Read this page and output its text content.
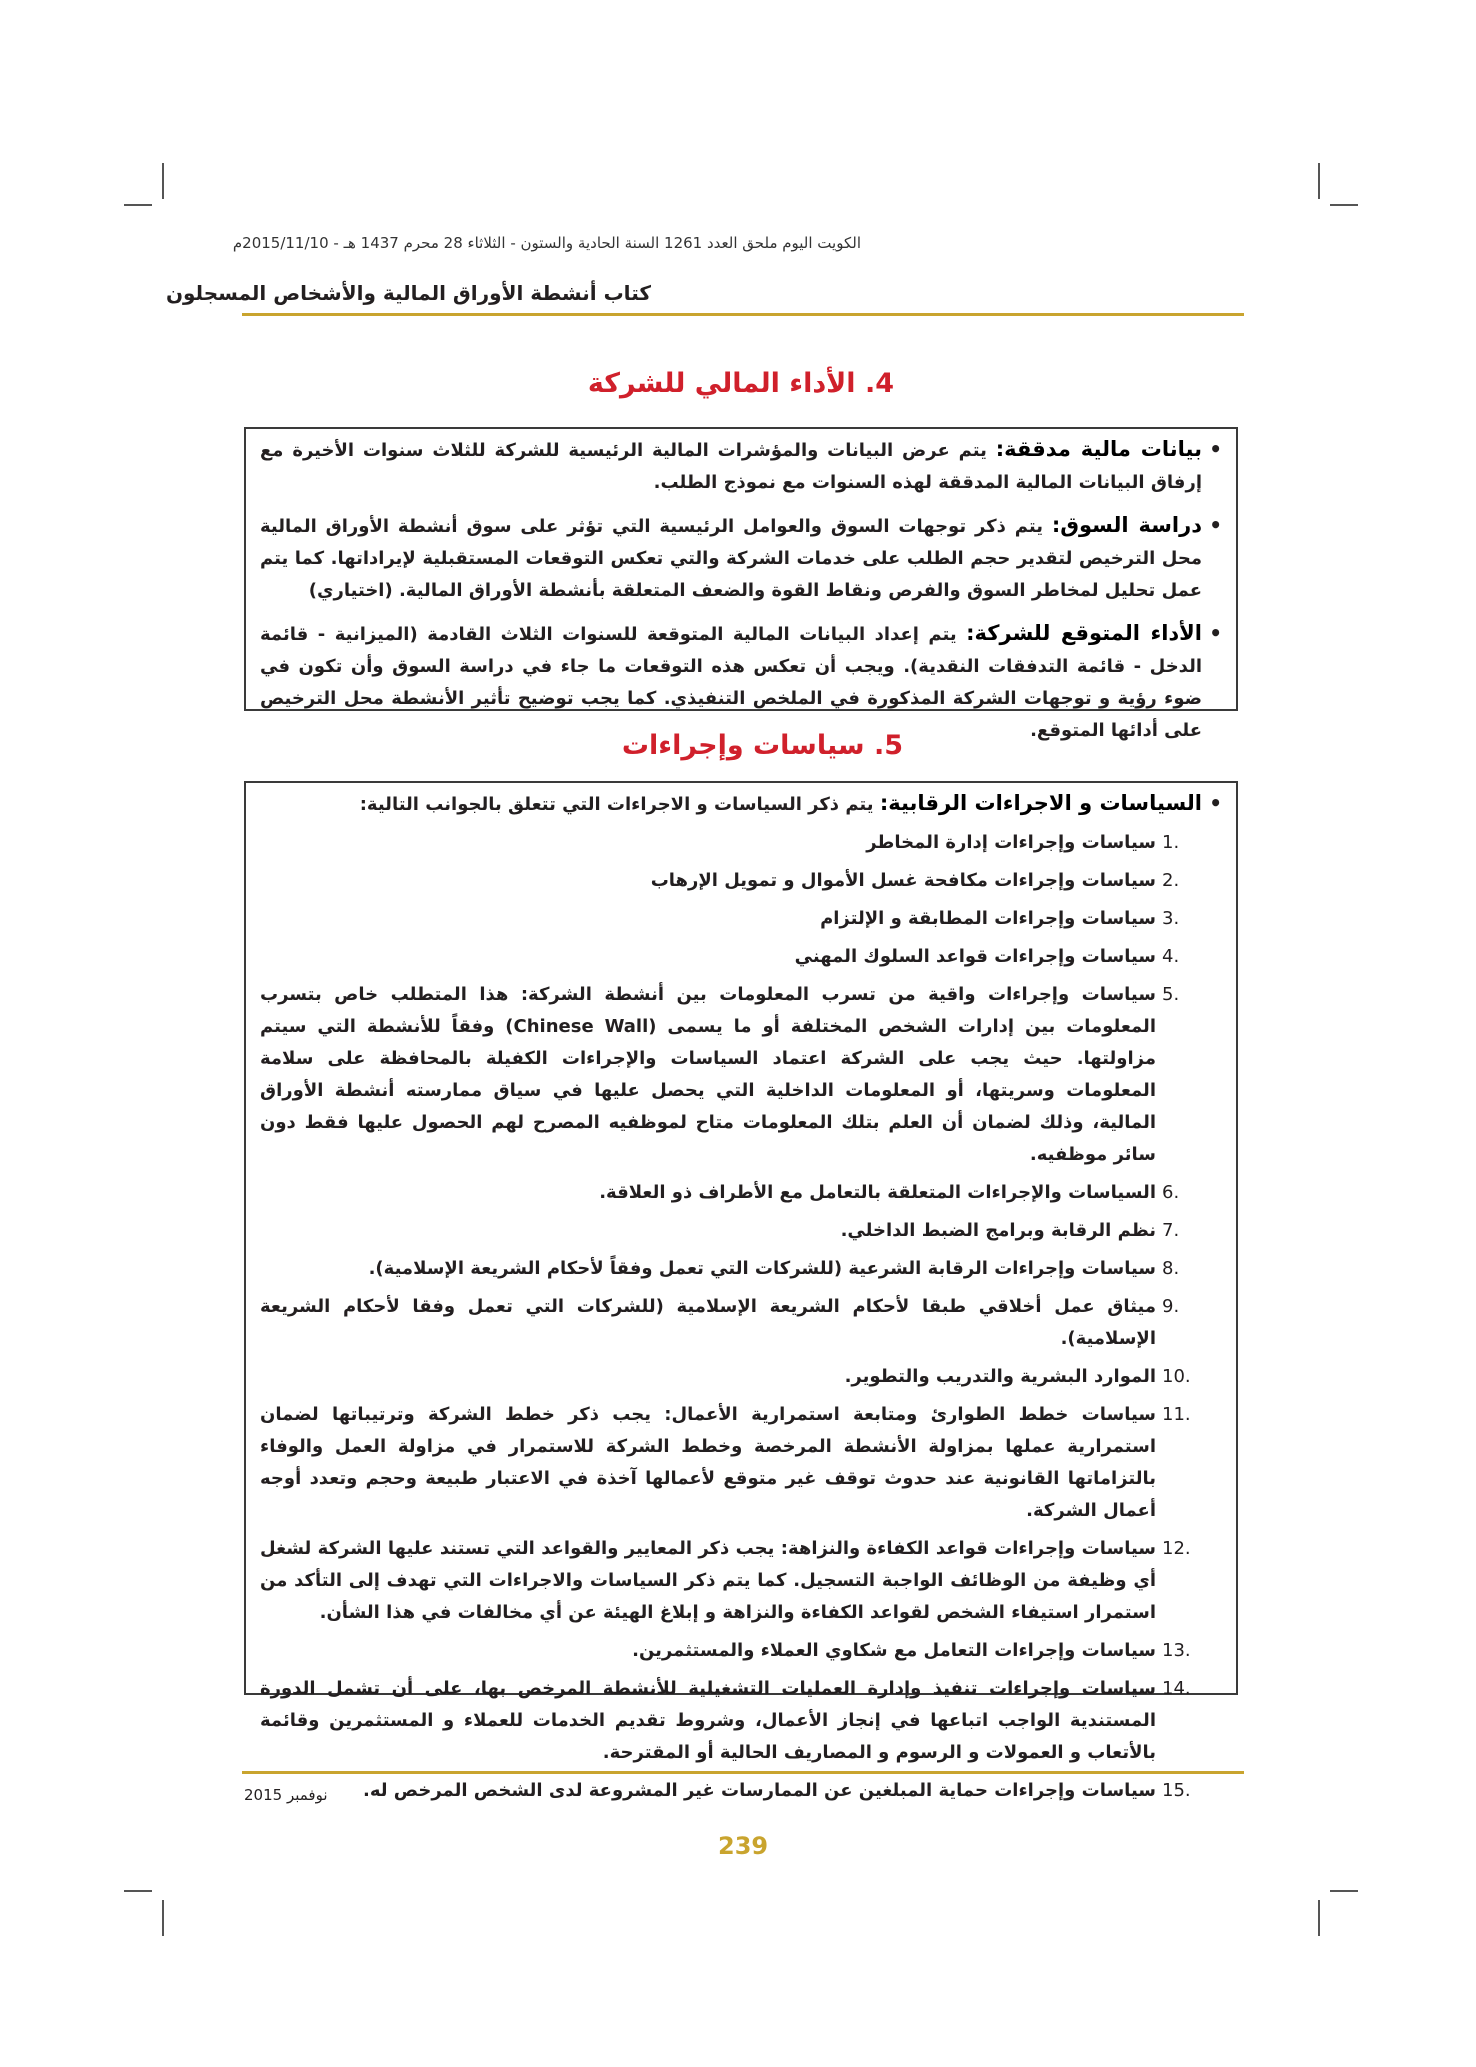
الكويت اليوم ملحق العدد 1261 السنة الحادية والستون - الثلاثاء 28 محرم 1437 هـ - 2015/11/10م
كتاب أنشطة الأوراق المالية والأشخاص المسجلون
4. الأداء المالي للشركة
• بيانات مالية مدققة: يتم عرض البيانات والمؤشرات المالية الرئيسية للشركة للثلاث سنوات الأخيرة مع إرفاق البيانات المالية المدققة لهذه السنوات مع نموذج الطلب.
• دراسة السوق: يتم ذكر توجهات السوق والعوامل الرئيسية التي تؤثر على سوق أنشطة الأوراق المالية محل الترخيص لتقدير حجم الطلب على خدمات الشركة والتي تعكس التوقعات المستقبلية لإيراداتها. كما يتم عمل تحليل لمخاطر السوق والفرص ونقاط القوة والضعف المتعلقة بأنشطة الأوراق المالية. (اختياري)
• الأداء المتوقع للشركة: يتم إعداد البيانات المالية المتوقعة للسنوات الثلاث القادمة (الميزانية - قائمة الدخل - قائمة التدفقات النقدية). ويجب أن تعكس هذه التوقعات ما جاء في دراسة السوق وأن تكون في ضوء رؤية و توجهات الشركة المذكورة في الملخص التنفيذي. كما يجب توضيح تأثير الأنشطة محل الترخيص على أدائها المتوقع.
5. سياسات وإجراءات
• السياسات و الاجراءات الرقابية: يتم ذكر السياسات و الاجراءات التي تتعلق بالجوانب التالية:
1.
سياسات وإجراءات إدارة المخاطر
2.
سياسات وإجراءات مكافحة غسل الأموال و تمويل الإرهاب
3.
سياسات وإجراءات المطابقة و الإلتزام
4.
سياسات وإجراءات قواعد السلوك المهني
5.
سياسات وإجراءات واقية من تسرب المعلومات بين أنشطة الشركة: هذا المتطلب خاص بتسرب المعلومات بين إدارات الشخص المختلفة أو ما يسمى (Chinese Wall) وفقاً للأنشطة التي سيتم مزاولتها. حيث يجب على الشركة اعتماد السياسات والإجراءات الكفيلة بالمحافظة على سلامة المعلومات وسريتها، أو المعلومات الداخلية التي يحصل عليها في سياق ممارسته أنشطة الأوراق المالية، وذلك لضمان أن العلم بتلك المعلومات متاح لموظفيه المصرح لهم الحصول عليها فقط دون سائر موظفيه.
6.
السياسات والإجراءات المتعلقة بالتعامل مع الأطراف ذو العلاقة.
7.
نظم الرقابة وبرامج الضبط الداخلي.
8.
سياسات وإجراءات الرقابة الشرعية (للشركات التي تعمل وفقاً لأحكام الشريعة الإسلامية).
9.
ميثاق عمل أخلاقي طبقا لأحكام الشريعة الإسلامية (للشركات التي تعمل وفقا لأحكام الشريعة الإسلامية).
10.
الموارد البشرية والتدريب والتطوير.
11.
سياسات خطط الطوارئ ومتابعة استمرارية الأعمال: يجب ذكر خطط الشركة وترتيباتها لضمان استمرارية عملها بمزاولة الأنشطة المرخصة وخطط الشركة للاستمرار في مزاولة العمل والوفاء بالتزاماتها القانونية عند حدوث توقف غير متوقع لأعمالها آخذة في الاعتبار طبيعة وحجم وتعدد أوجه أعمال الشركة.
12.
سياسات وإجراءات قواعد الكفاءة والنزاهة: يجب ذكر المعايير والقواعد التي تستند عليها الشركة لشغل أي وظيفة من الوظائف الواجبة التسجيل. كما يتم ذكر السياسات والاجراءات التي تهدف إلى التأكد من استمرار استيفاء الشخص لقواعد الكفاءة والنزاهة و إبلاغ الهيئة عن أي مخالفات في هذا الشأن.
13.
سياسات وإجراءات التعامل مع شكاوي العملاء والمستثمرين.
14.
سياسات وإجراءات تنفيذ وإدارة العمليات التشغيلية للأنشطة المرخص بها، على أن تشمل الدورة المستندية الواجب اتباعها في إنجاز الأعمال، وشروط تقديم الخدمات للعملاء و المستثمرين وقائمة بالأتعاب و العمولات و الرسوم و المصاريف الحالية أو المقترحة.
15.
سياسات وإجراءات حماية المبلغين عن الممارسات غير المشروعة لدى الشخص المرخص له.
نوفمبر 2015
239
